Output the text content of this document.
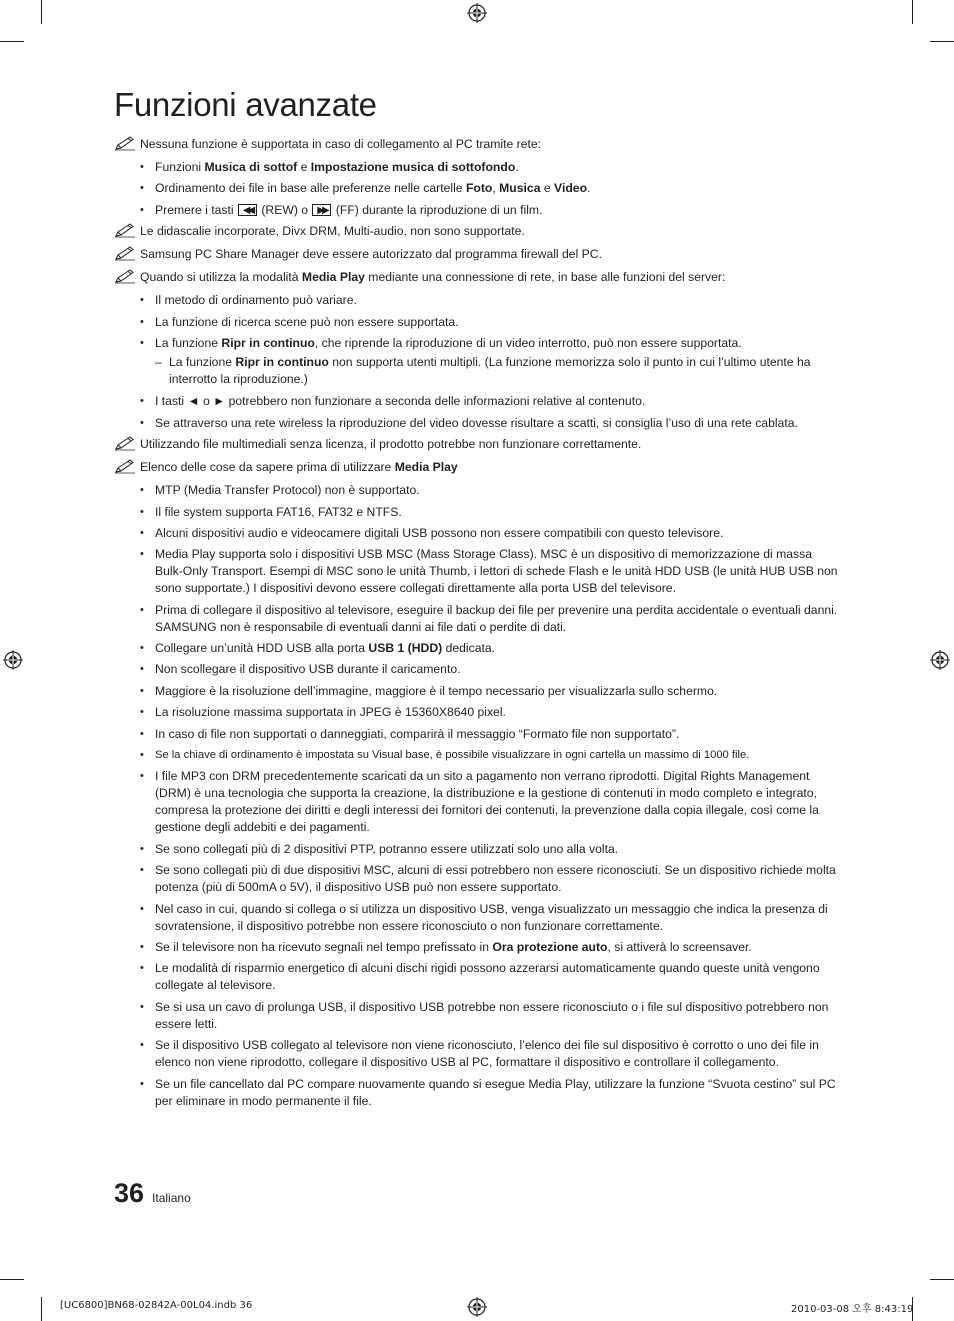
Funzioni avanzate
Nessuna funzione è supportata in caso di collegamento al PC tramite rete:
• Funzioni Musica di sottof e Impostazione musica di sottofondo.
• Ordinamento dei file in base alle preferenze nelle cartelle Foto, Musica e Video.
• Premere i tasti ◀◀ (REW) o ▶▶ (FF) durante la riproduzione di un film.
Le didascalie incorporate, Divx DRM, Multi-audio, non sono supportate.
Samsung PC Share Manager deve essere autorizzato dal programma firewall del PC.
Quando si utilizza la modalità Media Play mediante una connessione di rete, in base alle funzioni del server:
• Il metodo di ordinamento può variare.
• La funzione di ricerca scene può non essere supportata.
• La funzione Ripr in continuo, che riprende la riproduzione di un video interrotto, può non essere supportata.
– La funzione Ripr in continuo non supporta utenti multipli. (La funzione memorizza solo il punto in cui l’ultimo utente ha interrotto la riproduzione.)
• I tasti ◄ o ► potrebbero non funzionare a seconda delle informazioni relative al contenuto.
• Se attraverso una rete wireless la riproduzione del video dovesse risultare a scatti, si consiglia l’uso di una rete cablata.
Utilizzando file multimediali senza licenza, il prodotto potrebbe non funzionare correttamente.
Elenco delle cose da sapere prima di utilizzare Media Play
• MTP (Media Transfer Protocol) non è supportato.
• Il file system supporta FAT16, FAT32 e NTFS.
• Alcuni dispositivi audio e videocamere digitali USB possono non essere compatibili con questo televisore.
• Media Play supporta solo i dispositivi USB MSC (Mass Storage Class). MSC è un dispositivo di memorizzazione di massa Bulk-Only Transport. Esempi di MSC sono le unità Thumb, i lettori di schede Flash e le unità HDD USB (le unità HUB USB non sono supportate.) I dispositivi devono essere collegati direttamente alla porta USB del televisore.
• Prima di collegare il dispositivo al televisore, eseguire il backup dei file per prevenire una perdita accidentale o eventuali danni. SAMSUNG non è responsabile di eventuali danni ai file dati o perdite di dati.
• Collegare un’unità HDD USB alla porta USB 1 (HDD) dedicata.
• Non scollegare il dispositivo USB durante il caricamento.
• Maggiore è la risoluzione dell’immagine, maggiore è il tempo necessario per visualizzarla sullo schermo.
• La risoluzione massima supportata in JPEG è 15360X8640 pixel.
• In caso di file non supportati o danneggiati, comparirà il messaggio “Formato file non supportato”.
• Se la chiave di ordinamento è impostata su Visual base, è possibile visualizzare in ogni cartella un massimo di 1000 file.
• I file MP3 con DRM precedentemente scaricati da un sito a pagamento non verrano riprodotti. Digital Rights Management (DRM) è una tecnologia che supporta la creazione, la distribuzione e la gestione di contenuti in modo completo e integrato, compresa la protezione dei diritti e degli interessi dei fornitori dei contenuti, la prevenzione dalla copia illegale, così come la gestione degli addebiti e dei pagamenti.
• Se sono collegati più di 2 dispositivi PTP, potranno essere utilizzati solo uno alla volta.
• Se sono collegati più di due dispositivi MSC, alcuni di essi potrebbero non essere riconosciuti. Se un dispositivo richiede molta potenza (più di 500mA o 5V), il dispositivo USB può non essere supportato.
• Nel caso in cui, quando si collega o si utilizza un dispositivo USB, venga visualizzato un messaggio che indica la presenza di sovratensione, il dispositivo potrebbe non essere riconosciuto o non funzionare correttamente.
• Se il televisore non ha ricevuto segnali nel tempo prefissato in Ora protezione auto, si attiverà lo screensaver.
• Le modalità di risparmio energetico di alcuni dischi rigidi possono azzerarsi automaticamente quando queste unità vengono collegate al televisore.
• Se si usa un cavo di prolunga USB, il dispositivo USB potrebbe non essere riconosciuto o i file sul dispositivo potrebbero non essere letti.
• Se il dispositivo USB collegato al televisore non viene riconosciuto, l’elenco dei file sul dispositivo è corrotto o uno dei file in elenco non viene riprodotto, collegare il dispositivo USB al PC, formattare il dispositivo e controllare il collegamento.
• Se un file cancellato dal PC compare nuovamente quando si esegue Media Play, utilizzare la funzione “Svuota cestino” sul PC per eliminare in modo permanente il file.
36 Italiano
[UC6800]BN68-02842A-00L04.indb 36	2010-03-08 오후 8:43:19
